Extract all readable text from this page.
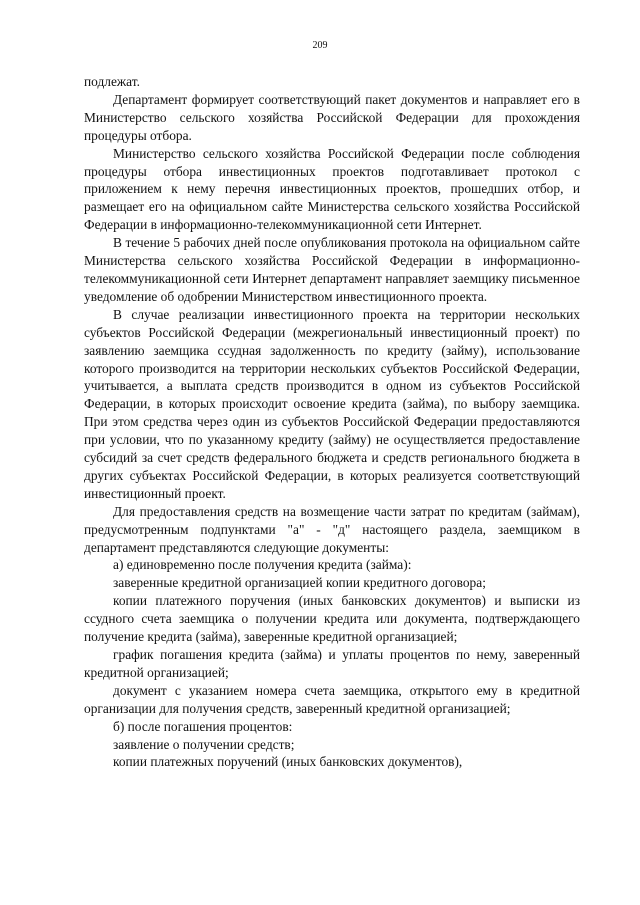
209

подлежат.

Департамент формирует соответствующий пакет документов и направляет его в Министерство сельского хозяйства Российской Федерации для прохождения процедуры отбора.

Министерство сельского хозяйства Российской Федерации после соблюдения процедуры отбора инвестиционных проектов подготавливает протокол с приложением к нему перечня инвестиционных проектов, прошедших отбор, и размещает его на официальном сайте Министерства сельского хозяйства Российской Федерации в информационно-телекоммуникационной сети Интернет.

В течение 5 рабочих дней после опубликования протокола на официальном сайте Министерства сельского хозяйства Российской Федерации в информационно-телекоммуникационной сети Интернет департамент направляет заемщику письменное уведомление об одобрении Министерством инвестиционного проекта.

В случае реализации инвестиционного проекта на территории нескольких субъектов Российской Федерации (межрегиональный инвестиционный проект) по заявлению заемщика ссудная задолженность по кредиту (займу), использование которого производится на территории нескольких субъектов Российской Федерации, учитывается, а выплата средств производится в одном из субъектов Российской Федерации, в которых происходит освоение кредита (займа), по выбору заемщика. При этом средства через один из субъектов Российской Федерации предоставляются при условии, что по указанному кредиту (займу) не осуществляется предоставление субсидий за счет средств федерального бюджета и средств регионального бюджета в других субъектах Российской Федерации, в которых реализуется соответствующий инвестиционный проект.

Для предоставления средств на возмещение части затрат по кредитам (займам), предусмотренным подпунктами "а" - "д" настоящего раздела, заемщиком в департамент представляются следующие документы:

а) единовременно после получения кредита (займа):

заверенные кредитной организацией копии кредитного договора;

копии платежного поручения (иных банковских документов) и выписки из ссудного счета заемщика о получении кредита или документа, подтверждающего получение кредита (займа), заверенные кредитной организацией;

график погашения кредита (займа) и уплаты процентов по нему, заверенный кредитной организацией;

документ с указанием номера счета заемщика, открытого ему в кредитной организации для получения средств, заверенный кредитной организацией;

б) после погашения процентов:

заявление о получении средств;

копии платежных поручений (иных банковских документов),
